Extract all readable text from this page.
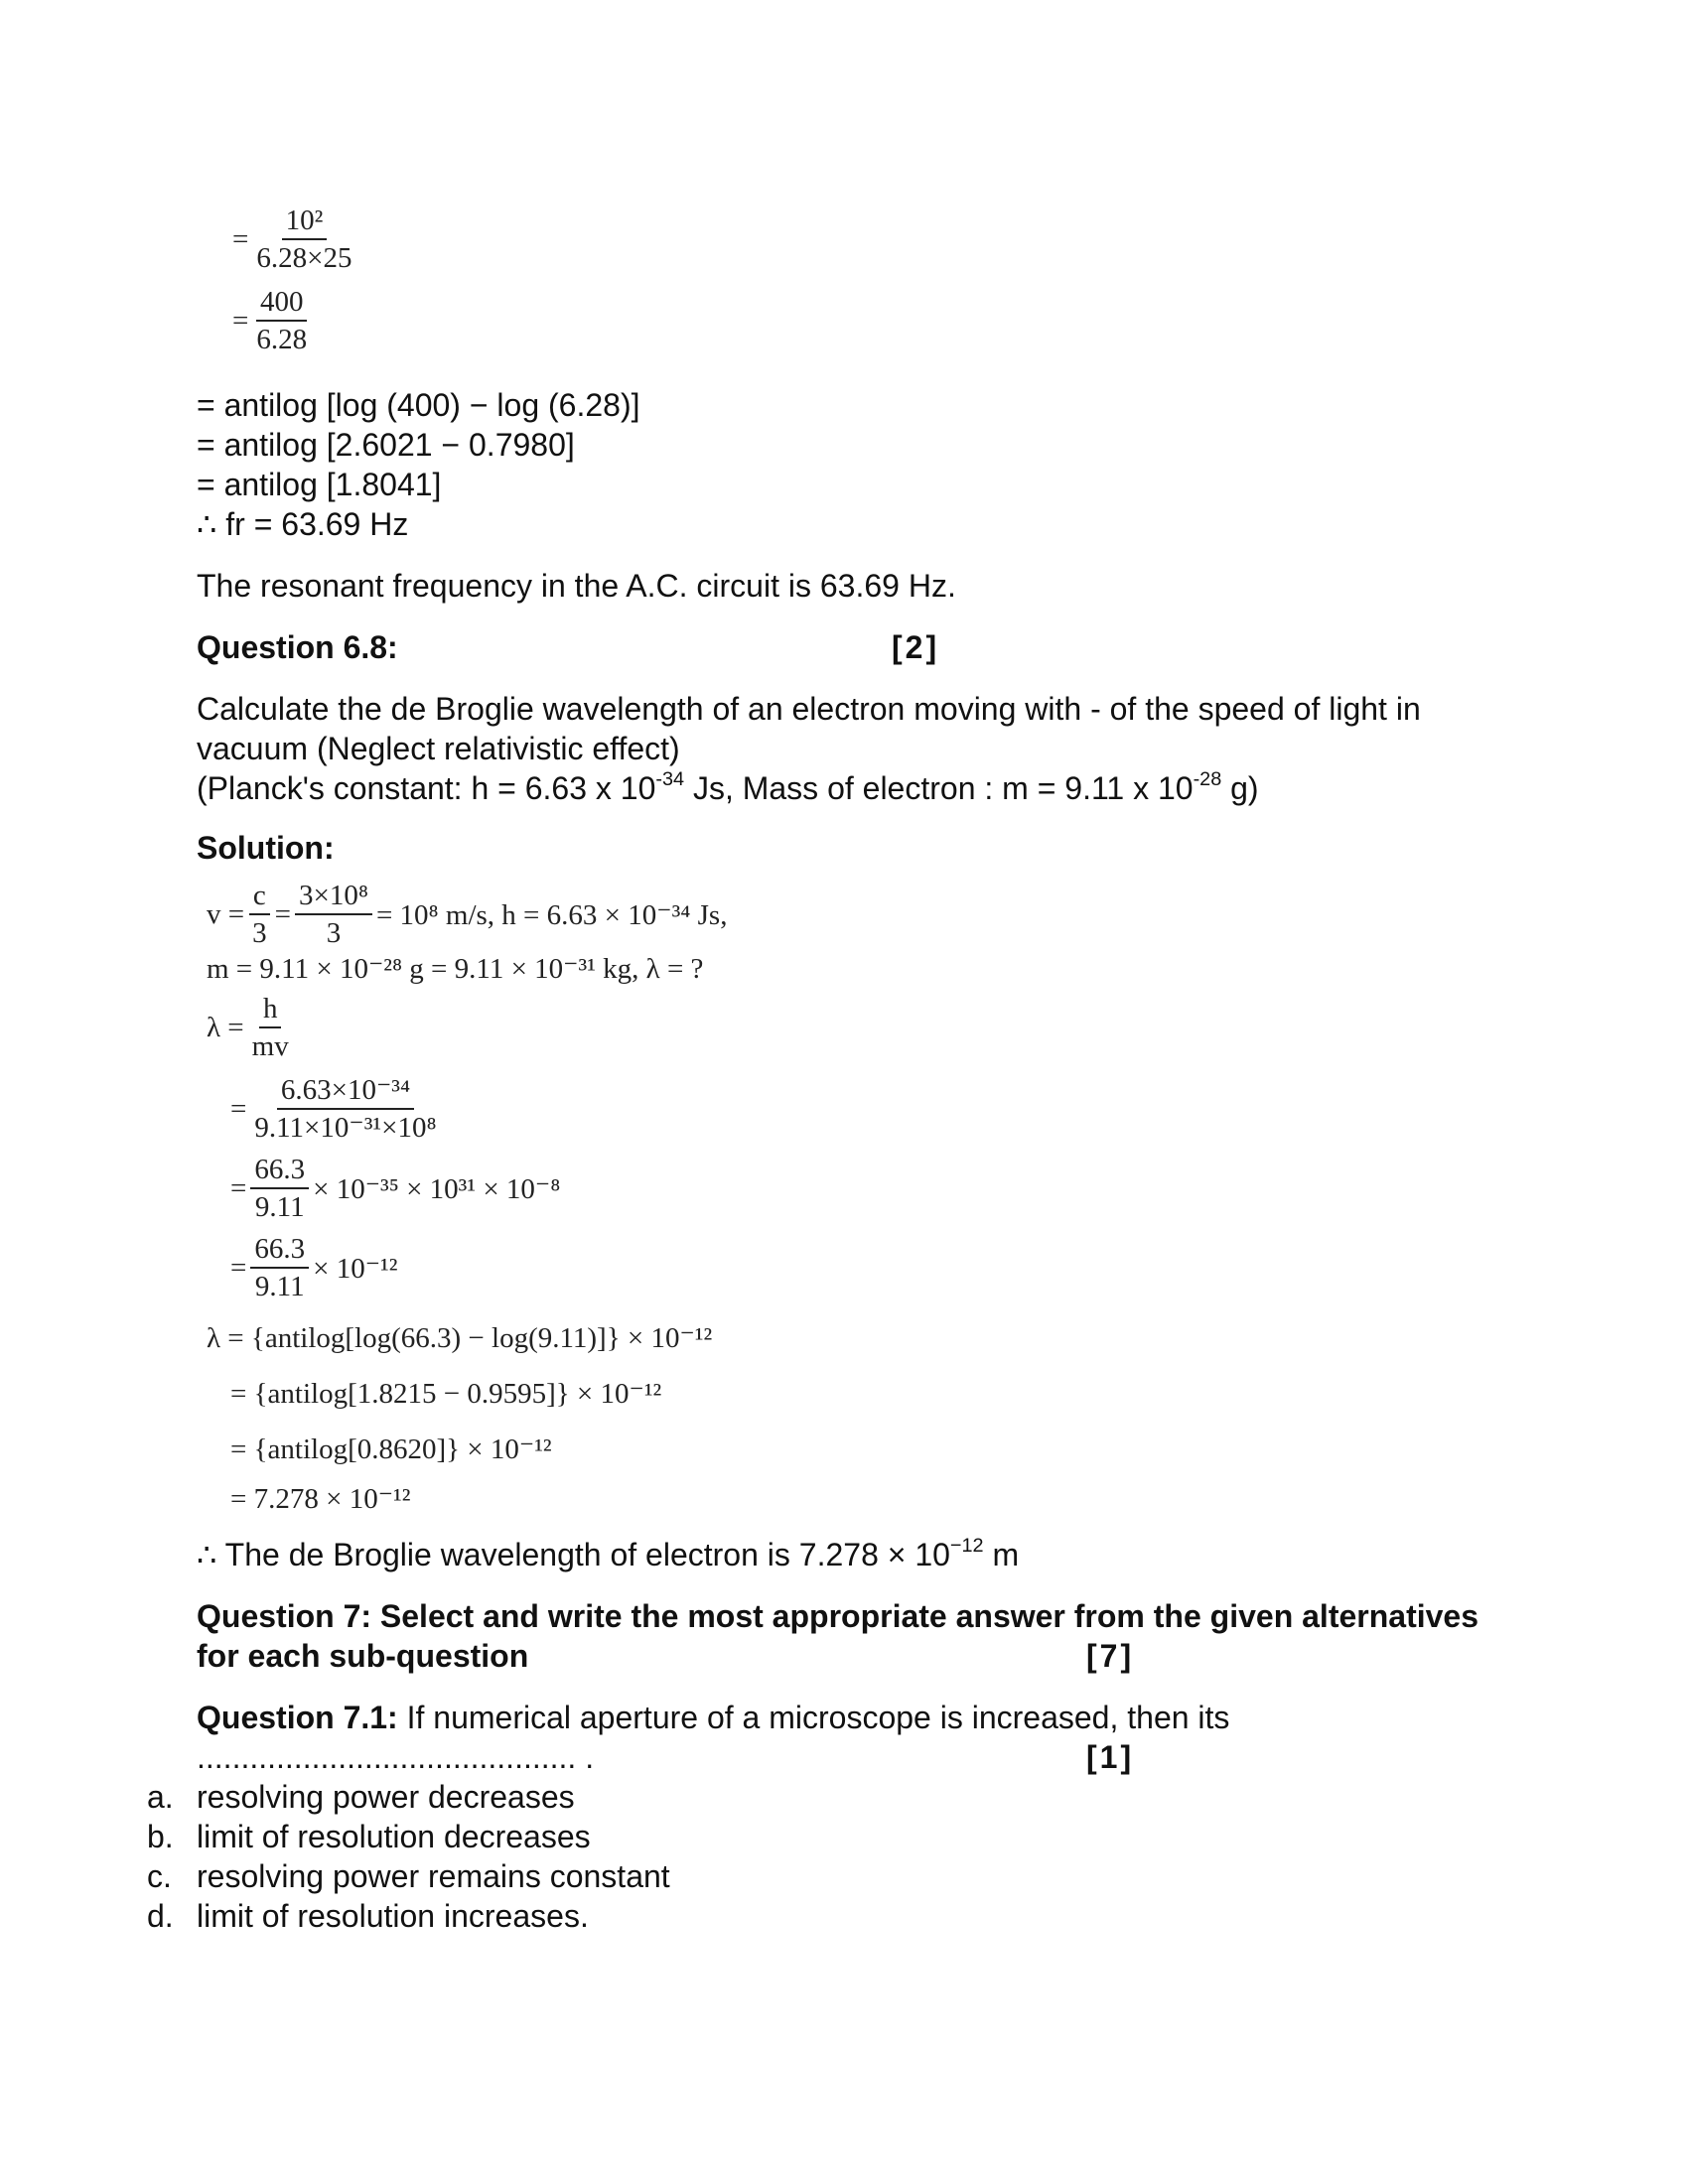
= $\frac{\text{10²}}{6.28\times 25}$
= $\frac{400}{6.28}$
= antilog [log (400) − log (6.28)]
= antilog [2.6021 − 0.7980]
= antilog [1.8041]
∴ fr = 63.69 Hz
The resonant frequency in the A.C. circuit is 63.69 Hz.
Question 6.8:	[2]
Calculate the de Broglie wavelength of an electron moving with - of the speed of light in
vacuum (Neglect relativistic effect)
(Planck's constant: h = 6.63 x $10^{-34}$ Js, Mass of electron : m = 9.11 x $10^{-28}$ g)
Solution:
$v = \frac{c}{3} = \frac{\text{3×10⁸}}{3} = 10^8$ m/s, h = 6.63 × 10⁻³⁴ Js,
m = 9.11 × 10⁻²⁸ g = 9.11 × 10⁻³¹ kg, λ = ?
$\lambda = \frac{h}{mv}$
= $\frac{\text{6.63×10⁻³⁴}}{\text{9.11×10⁻³¹×10⁸}}$
= $\frac{66.3}{9.11} \times 10^{-35} \times 10^{31} \times 10^{-8}$
= $\frac{66.3}{9.11} \times 10^{-12}$
λ = {antilog[log(66.3) − log(9.11)]} × 10⁻¹²
= {antilog[1.8215 − 0.9595]} × 10⁻¹²
= {antilog[0.8620]} × 10⁻¹²
= 7.278 × 10⁻¹²
∴ The de Broglie wavelength of electron is $7.278 \times 10^{-12}$ m
Question 7: Select and write the most appropriate answer from the given alternatives
for each sub-question	[7]
Question 7.1: If numerical aperture of a microscope is increased, then its
........................................... .	[1]
a. resolving power decreases
b. limit of resolution decreases
c. resolving power remains constant
d. limit of resolution increases.
